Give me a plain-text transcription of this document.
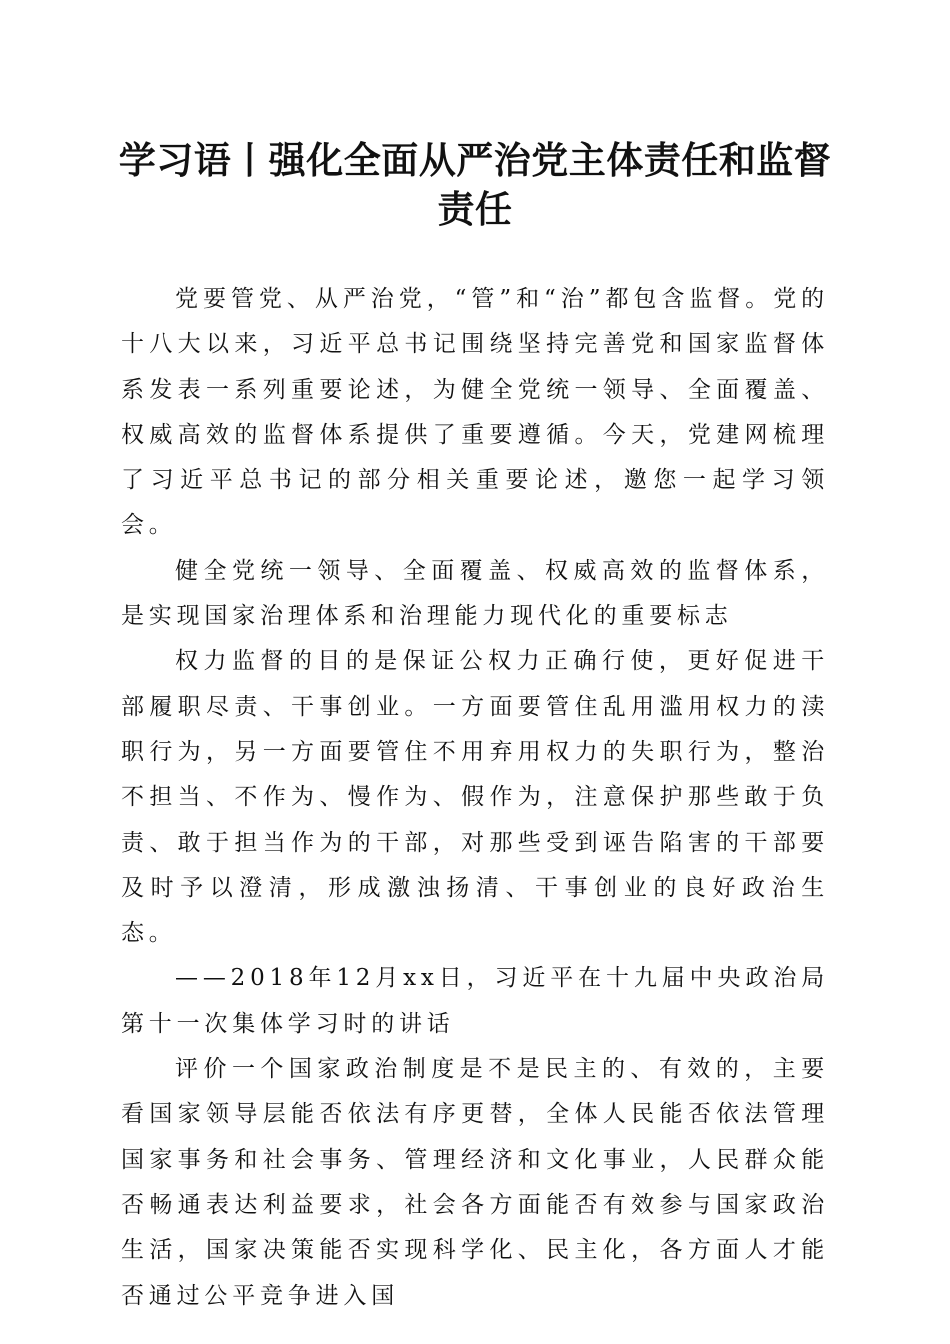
学习语丨强化全面从严治党主体责任和监督责任

党要管党、从严治党，“管”和“治”都包含监督。党的十八大以来，习近平总书记围绕坚持完善党和国家监督体系发表一系列重要论述，为健全党统一领导、全面覆盖、权威高效的监督体系提供了重要遵循。今天，党建网梳理了习近平总书记的部分相关重要论述，邀您一起学习领会。

健全党统一领导、全面覆盖、权威高效的监督体系，是实现国家治理体系和治理能力现代化的重要标志

权力监督的目的是保证公权力正确行使，更好促进干部履职尽责、干事创业。一方面要管住乱用滥用权力的渎职行为，另一方面要管住不用弃用权力的失职行为，整治不担当、不作为、慢作为、假作为，注意保护那些敢于负责、敢于担当作为的干部，对那些受到诬告陷害的干部要及时予以澄清，形成激浊扬清、干事创业的良好政治生态。

——2018年12月xx日，习近平在十九届中央政治局第十一次集体学习时的讲话

评价一个国家政治制度是不是民主的、有效的，主要看国家领导层能否依法有序更替，全体人民能否依法管理国家事务和社会事务、管理经济和文化事业，人民群众能否畅通表达利益要求，社会各方面能否有效参与国家政治生活，国家决策能否实现科学化、民主化，各方面人才能否通过公平竞争进入国
